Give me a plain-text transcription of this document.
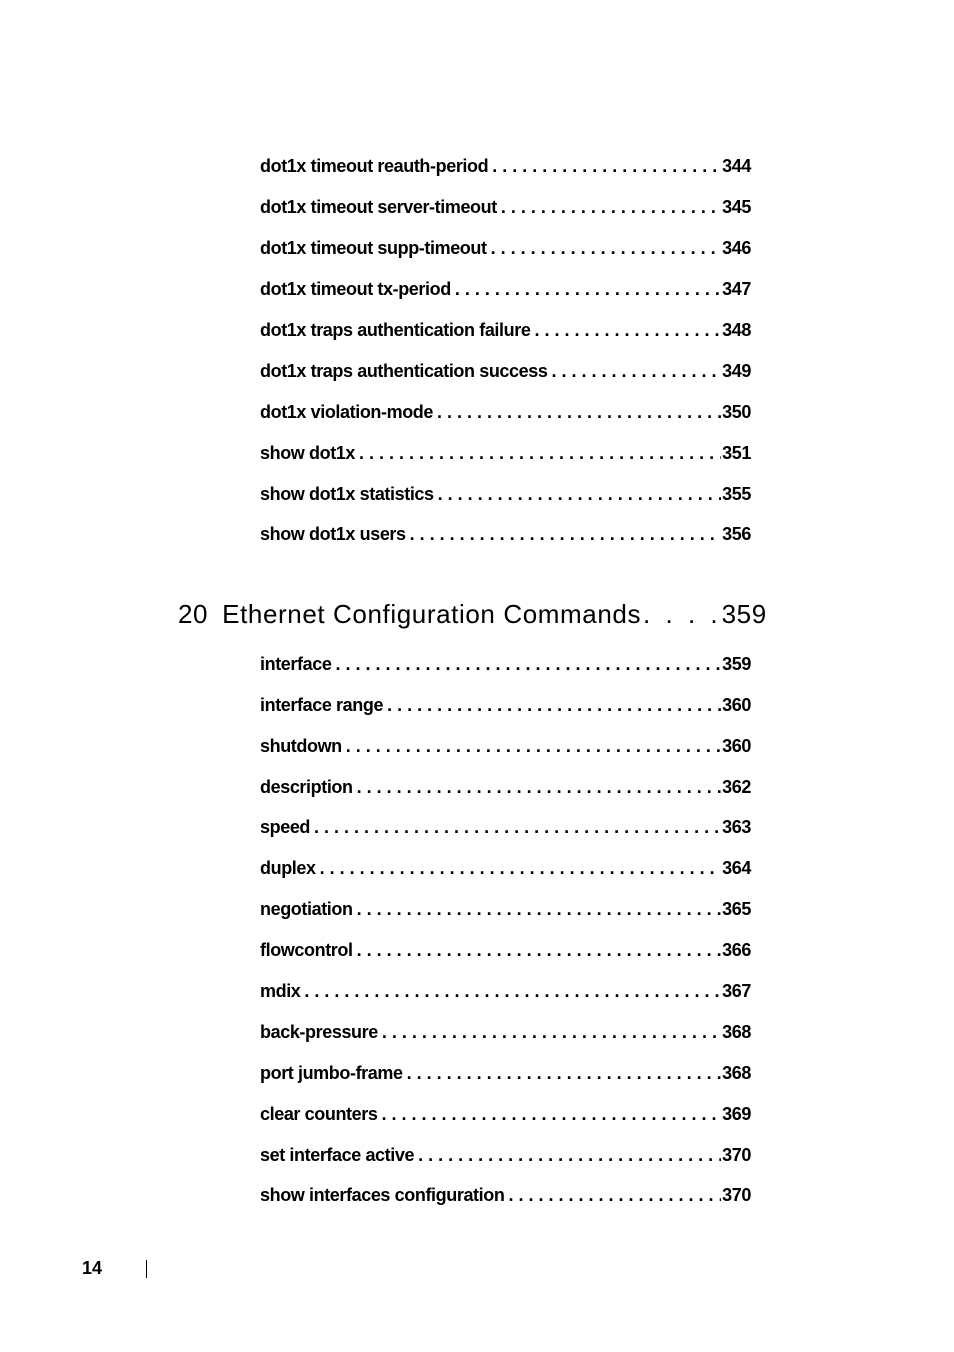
dot1x timeout reauth-period . . .	344
dot1x timeout server-timeout . . .	345
dot1x timeout supp-timeout . . .	346
dot1x timeout tx-period . . .	347
dot1x traps authentication failure . . .	348
dot1x traps authentication success . . .	349
dot1x violation-mode . . .	350
show dot1x . . .	351
show dot1x statistics . . .	355
show dot1x users . . .	356
20 Ethernet Configuration Commands . . . . 359
interface . . .	359
interface range . . .	360
shutdown . . .	360
description . . .	362
speed . . .	363
duplex . . .	364
negotiation . . .	365
flowcontrol . . .	366
mdix . . .	367
back-pressure . . .	368
port jumbo-frame . . .	368
clear counters . . .	369
set interface active . . .	370
show interfaces configuration . . .	370
14
